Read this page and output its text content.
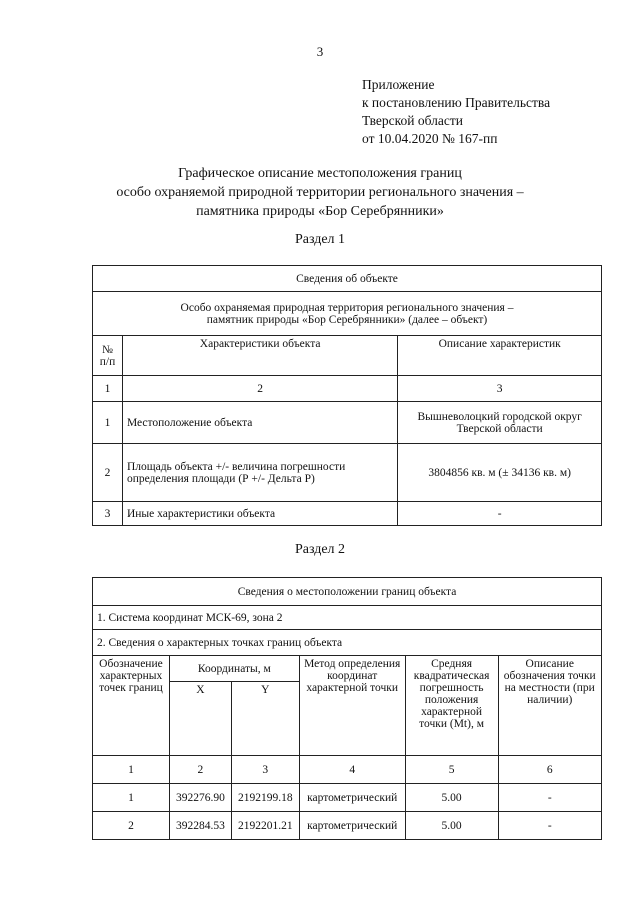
3
Приложение
к постановлению Правительства
Тверской области
от 10.04.2020 № 167-пп
Графическое описание местоположения границ
особо охраняемой природной территории регионального значения –
памятника природы «Бор Серебрянники»
Раздел 1
Сведения об объекте		

Особо охраняемая природная территория регионального значения –
памятник природы «Бор Серебрянники» (далее – объект)		

№ п/п	Характеристики объекта	Описание характеристик
1	2	3
1	Местоположение объекта	Вышневолоцкий городской округ Тверской области
2	Площадь объекта +/- величина погрешности определения площади (Р +/- Дельта Р)	3804856 кв. м (± 34136 кв. м)
3	Иные характеристики объекта	-
Раздел 2
Сведения о местоположении границ объекта					
1. Система координат МСК-69, зона 2					
2. Сведения о характерных точках границ объекта					
Обозначение характерных точек границ	Координаты, м		Метод определения координат характерной точки	Средняя квадратическая погрешность положения характерной точки (Mt), м	Описание обозначения точки на местности (при наличии)
	X	Y			
1	2	3	4	5	6
1	392276.90	2192199.18	картометрический	5.00	-
2	392284.53	2192201.21	картометрический	5.00	-
